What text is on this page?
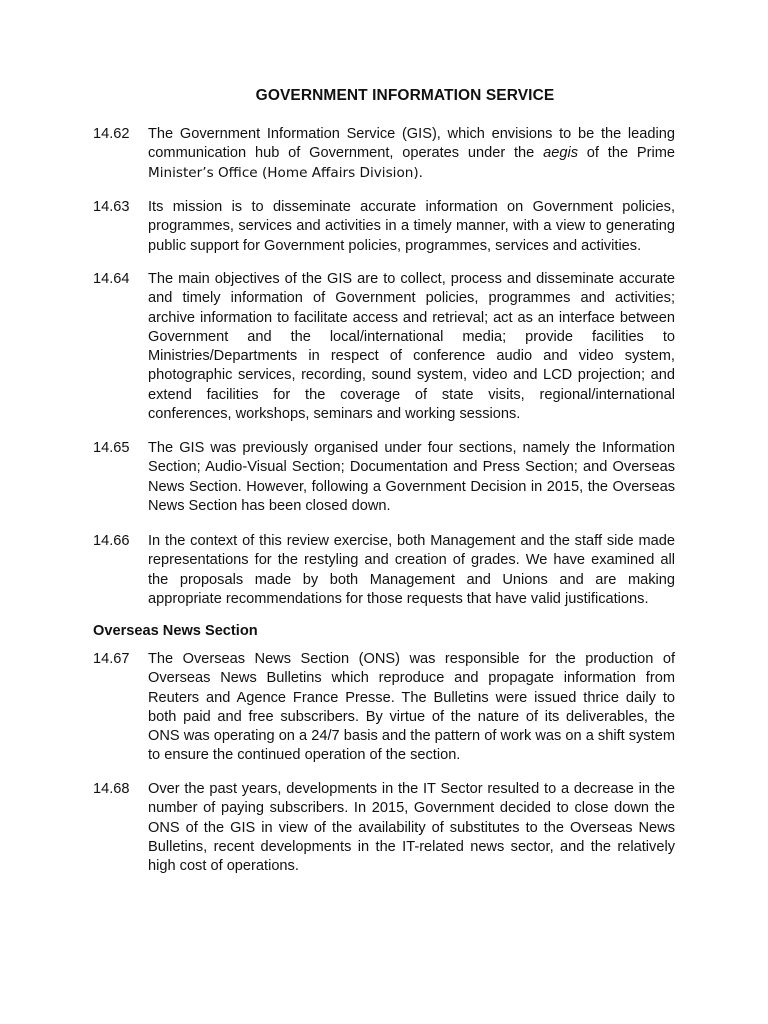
GOVERNMENT INFORMATION SERVICE
14.62	The Government Information Service (GIS), which envisions to be the leading communication hub of Government, operates under the aegis of the Prime Minister’s Office (Home Affairs Division).
14.63	Its mission is to disseminate accurate information on Government policies, programmes, services and activities in a timely manner, with a view to generating public support for Government policies, programmes, services and activities.
14.64	The main objectives of the GIS are to collect, process and disseminate accurate and timely information of Government policies, programmes and activities; archive information to facilitate access and retrieval; act as an interface between Government and the local/international media; provide facilities to Ministries/Departments in respect of conference audio and video system, photographic services, recording, sound system, video and LCD projection; and extend facilities for the coverage of state visits, regional/international conferences, workshops, seminars and working sessions.
14.65	The GIS was previously organised under four sections, namely the Information Section; Audio-Visual Section; Documentation and Press Section; and Overseas News Section. However, following a Government Decision in 2015, the Overseas News Section has been closed down.
14.66	In the context of this review exercise, both Management and the staff side made representations for the restyling and creation of grades. We have examined all the proposals made by both Management and Unions and are making appropriate recommendations for those requests that have valid justifications.
Overseas News Section
14.67	The Overseas News Section (ONS) was responsible for the production of Overseas News Bulletins which reproduce and propagate information from Reuters and Agence France Presse. The Bulletins were issued thrice daily to both paid and free subscribers. By virtue of the nature of its deliverables, the ONS was operating on a 24/7 basis and the pattern of work was on a shift system to ensure the continued operation of the section.
14.68	Over the past years, developments in the IT Sector resulted to a decrease in the number of paying subscribers. In 2015, Government decided to close down the ONS of the GIS in view of the availability of substitutes to the Overseas News Bulletins, recent developments in the IT-related news sector, and the relatively high cost of operations.
